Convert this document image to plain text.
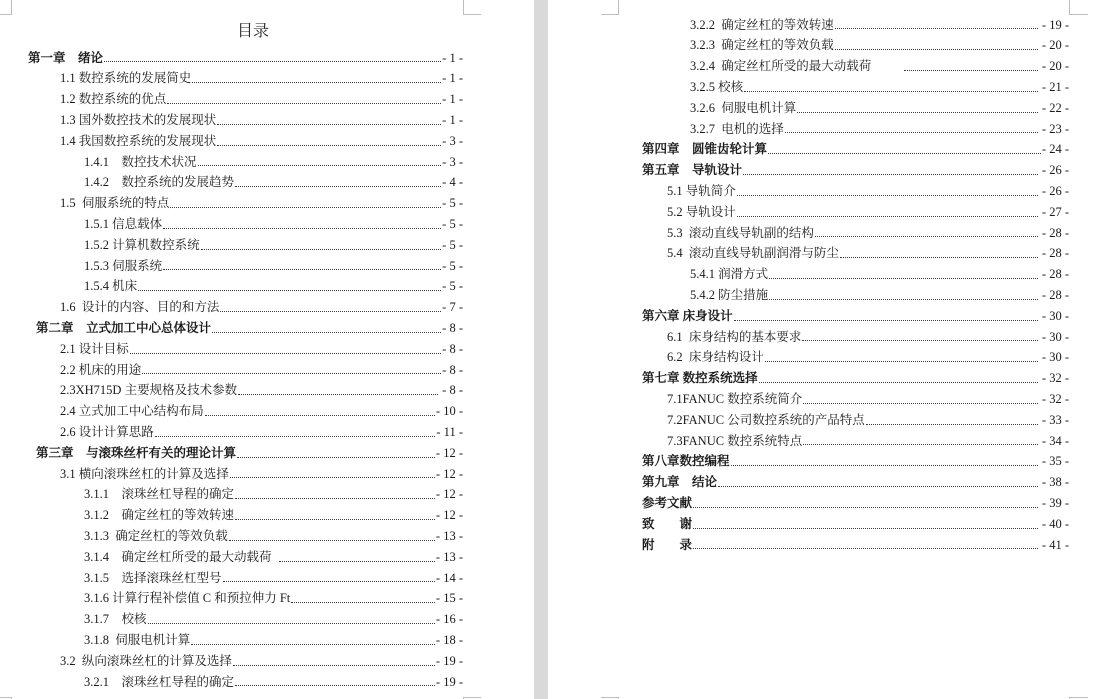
目录
第一章　绪论	- 1 -
1.1 数控系统的发展简史	- 1 -
1.2 数控系统的优点	- 1 -
1.3 国外数控技术的发展现状	- 1 -
1.4 我国数控系统的发展现状	- 3 -
1.4.1　数控技术状况	- 3 -
1.4.2　数控系统的发展趋势	- 4 -
1.5  伺服系统的特点	- 5 -
1.5.1 信息载体	- 5 -
1.5.2 计算机数控系统	- 5 -
1.5.3 伺服系统	- 5 -
1.5.4 机床	- 5 -
1.6  设计的内容、目的和方法	- 7 -
第二章　立式加工中心总体设计	- 8 -
2.1 设计目标	- 8 -
2.2 机床的用途	- 8 -
2.3XH715D 主要规格及技术参数	- 8 -
2.4 立式加工中心结构布局	- 10 -
2.6 设计计算思路	- 11 -
第三章　与滚珠丝杆有关的理论计算	- 12 -
3.1 横向滚珠丝杠的计算及选择	- 12 -
3.1.1　滚珠丝杠导程的确定	- 12 -
3.1.2　确定丝杠的等效转速	- 12 -
3.1.3  确定丝杠的等效负载	- 13 -
3.1.4　确定丝杠所受的最大动载荷	- 13 -
3.1.5　选择滚珠丝杠型号	- 14 -
3.1.6 计算行程补偿值 C 和预拉伸力 Ft	- 15 -
3.1.7　校核	- 16 -
3.1.8  伺服电机计算	- 18 -
3.2  纵向滚珠丝杠的计算及选择	- 19 -
3.2.1　滚珠丝杠导程的确定	- 19 -
3.2.2  确定丝杠的等效转速	- 19 -
3.2.3  确定丝杠的等效负载	- 20 -
3.2.4  确定丝杠所受的最大动载荷	- 20 -
3.2.5 校核	- 21 -
3.2.6  伺服电机计算	- 22 -
3.2.7  电机的选择	- 23 -
第四章　圆锥齿轮计算	- 24 -
第五章　导轨设计	- 26 -
5.1 导轨简介	- 26 -
5.2 导轨设计	- 27 -
5.3  滚动直线导轨副的结构	- 28 -
5.4  滚动直线导轨副润滑与防尘	- 28 -
5.4.1 润滑方式	- 28 -
5.4.2 防尘措施	- 28 -
第六章 床身设计	- 30 -
6.1  床身结构的基本要求	- 30 -
6.2  床身结构设计	- 30 -
第七章 数控系统选择	- 32 -
7.1FANUC 数控系统简介	- 32 -
7.2FANUC 公司数控系统的产品特点	- 33 -
7.3FANUC 数控系统特点	- 34 -
第八章数控编程	- 35 -
第九章　结论	- 38 -
参考文献	- 39 -
致　　谢	- 40 -
附　　录	- 41 -
